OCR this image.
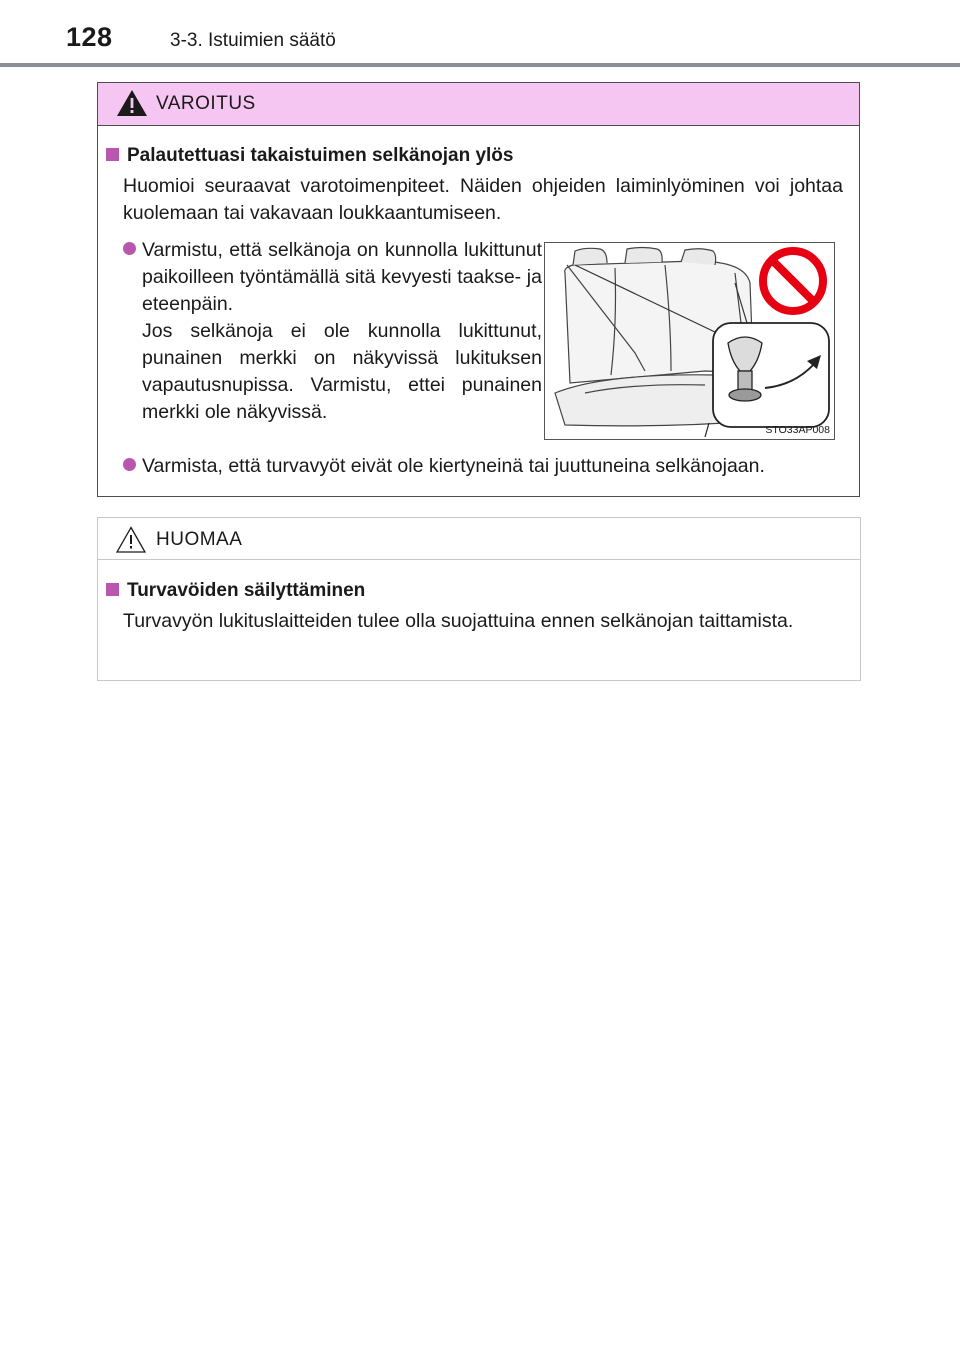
128	3-3. Istuimien säätö
VAROITUS
Palautettuasi takaistuimen selkänojan ylös

Huomioi seuraavat varotoimenpiteet. Näiden ohjeiden laiminlyöminen voi johtaa kuolemaan tai vakavaan loukkaantumiseen.

Varmistu, että selkänoja on kunnolla lukittunut paikoilleen työntämällä sitä kevyesti taakse- ja eteenpäin.
Jos selkänoja ei ole kunnolla lukittunut, punainen merkki on näkyvissä lukituksen vapautusnupissa. Varmistu, ettei punainen merkki ole näkyvissä.
STO33AP008
Varmista, että turvavyöt eivät ole kiertyneinä tai juuttuneina selkänojaan.
HUOMAA
Turvavöiden säilyttäminen

Turvavyön lukituslaitteiden tulee olla suojattuina ennen selkänojan taittamista.
